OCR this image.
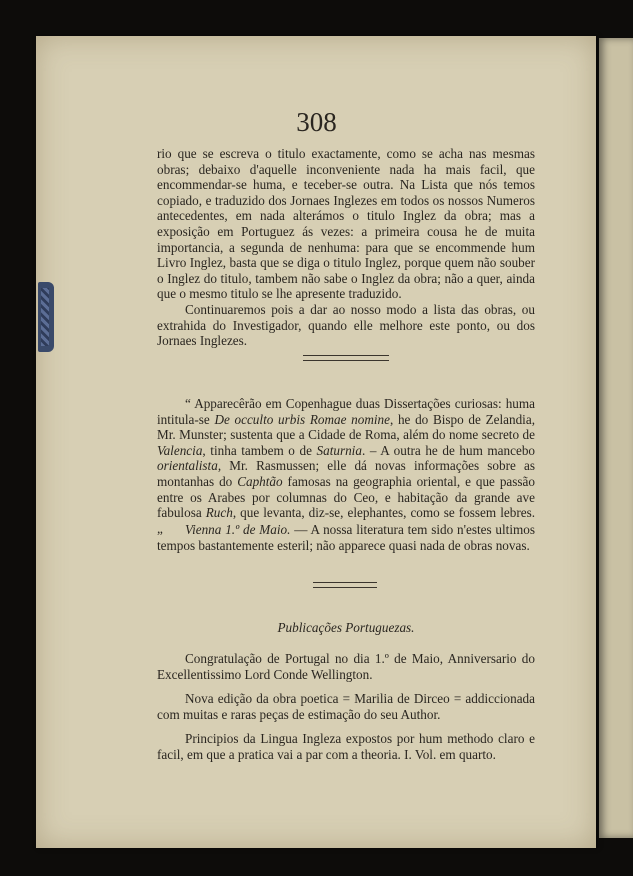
308

rio que se escreva o titulo exactamente, como se acha nas mesmas obras; debaixo d'aquelle inconveniente nada ha mais facil, que encommendar-se huma, e teceber-se outra. Na Lista que nós temos copiado, e traduzido dos Jornaes Inglezes em todos os nossos Numeros antecedentes, em nada alterámos o titulo Inglez da obra; mas a exposição em Portuguez ás vezes: a primeira cousa he de muita importancia, a segunda de nenhuma: para que se encommende hum Livro Inglez, basta que se diga o titulo Inglez, porque quem não souber o Inglez do titulo, tambem não sabe o Inglez da obra; não a quer, ainda que o mesmo titulo se lhe apresente traduzido.

Continuaremos pois a dar ao nosso modo a lista das obras, ou extrahida do Investigador, quando elle melhore este ponto, ou dos Jornaes Inglezes.

“ Apparecêrão em Copenhague duas Dissertações curiosas: huma intitula-se De occulto urbis Romae nomine, he do Bispo de Zelandia, Mr. Munster; sustenta que a Cidade de Roma, além do nome secreto de Valencia, tinha tambem o de Saturnia. – A outra he de hum mancebo orientalista, Mr. Rasmussen; elle dá novas informações sobre as montanhas do Caphtão famosas na geographia oriental, e que passão entre os Arabes por columnas do Ceo, e habitação da grande ave fabulosa Ruch, que levanta, diz-se, elephantes, como se fossem lebres. „	Vienna 1.º de Maio. — A nossa literatura tem sido n'estes ultimos tempos bastantemente esteril; não apparece quasi nada de obras novas.

Publicações Portuguezas.

Congratulação de Portugal no dia 1.º de Maio, Anniversario do Excellentissimo Lord Conde Wellington.

Nova edição da obra poetica = Marilia de Dirceo = addiccionada com muitas e raras peças de estimação do seu Author.

Principios da Lingua Ingleza expostos por hum methodo claro e facil, em que a pratica vai a par com a theoria. I. Vol. em quarto.
